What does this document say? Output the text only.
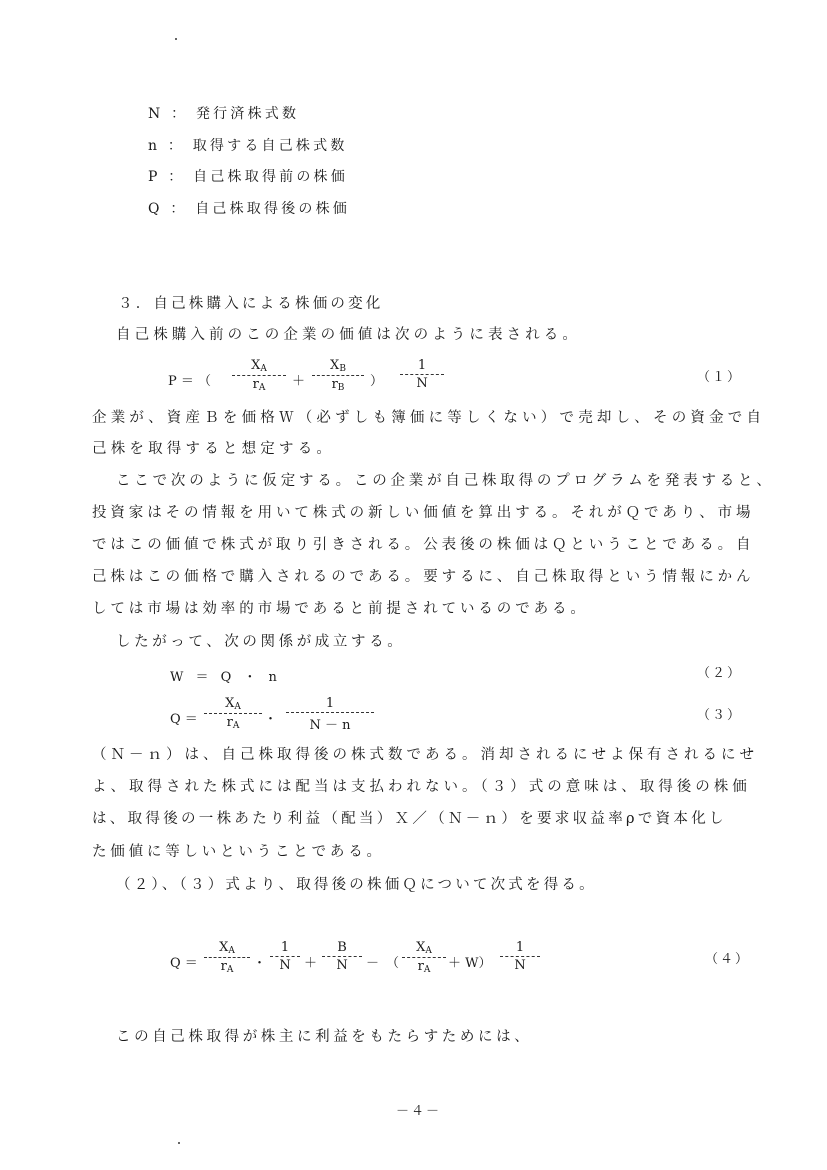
N ： 発行済株式数
n ： 取得する自己株式数
P ： 自己株取得前の株価
Q ： 自己株取得後の株価
３．自己株購入による株価の変化
自己株購入前のこの企業の価値は次のように表される。
P ＝ （
XA
rA	＋
XB
rB	）
1
N	（１）
企業が、資産Ｂを価格Ｗ（必ずしも簿価に等しくない）で売却し、その資金で自
己株を取得すると想定する。
ここで次のように仮定する。この企業が自己株取得のプログラムを発表すると、
投資家はその情報を用いて株式の新しい価値を算出する。それがＱであり、市場
ではこの価値で株式が取り引きされる。公表後の株価はＱということである。自
己株はこの価格で購入されるのである。要するに、自己株取得という情報にかん
しては市場は効率的市場であると前提されているのである。
したがって、次の関係が成立する。
W ＝ Q ・ n	（２）
Q ＝
XA
rA	・
1
N － n
（３）
（Ｎ－ｎ）は、自己株取得後の株式数である。消却されるにせよ保有されるにせ
よ、取得された株式には配当は支払われない。（３）式の意味は、取得後の株価
は、取得後の一株あたり利益（配当）Ｘ／（Ｎ－ｎ）を要求収益率ρで資本化し
た価値に等しいということである。
（２）、（３）式より、取得後の株価Ｑについて次式を得る。
Q ＝
XA
rA	・
1
N	＋
B
N	－ （
XA
rA	＋ W）
1
N	（４）
この自己株取得が株主に利益をもたらすためには、
－４－
